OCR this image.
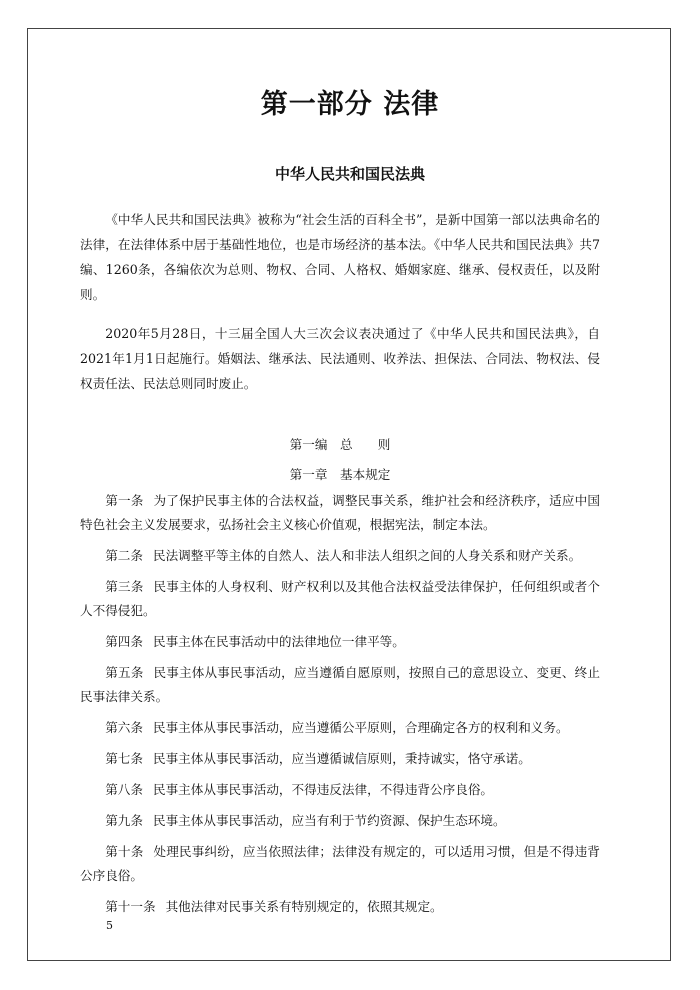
第一部分 法律
中华人民共和国民法典

《中华人民共和国民法典》被称为“社会生活的百科全书”，是新中国第一部以法典命名的法律，在法律体系中居于基础性地位，也是市场经济的基本法。《中华人民共和国民法典》共7编、1260条，各编依次为总则、物权、合同、人格权、婚姻家庭、继承、侵权责任，以及附则。

2020年5月28日，十三届全国人大三次会议表决通过了《中华人民共和国民法典》，自2021年1月1日起施行。婚姻法、继承法、民法通则、收养法、担保法、合同法、物权法、侵权责任法、民法总则同时废止。

第一编　总　　则
第一章　基本规定

第一条 为了保护民事主体的合法权益，调整民事关系，维护社会和经济秩序，适应中国特色社会主义发展要求，弘扬社会主义核心价值观，根据宪法，制定本法。

第二条 民法调整平等主体的自然人、法人和非法人组织之间的人身关系和财产关系。

第三条 民事主体的人身权利、财产权利以及其他合法权益受法律保护，任何组织或者个人不得侵犯。

第四条 民事主体在民事活动中的法律地位一律平等。

第五条 民事主体从事民事活动，应当遵循自愿原则，按照自己的意思设立、变更、终止民事法律关系。

第六条 民事主体从事民事活动，应当遵循公平原则，合理确定各方的权利和义务。

第七条 民事主体从事民事活动，应当遵循诚信原则，秉持诚实，恪守承诺。

第八条 民事主体从事民事活动，不得违反法律，不得违背公序良俗。

第九条 民事主体从事民事活动，应当有利于节约资源、保护生态环境。

第十条 处理民事纠纷，应当依照法律；法律没有规定的，可以适用习惯，但是不得违背公序良俗。

第十一条 其他法律对民事关系有特别规定的，依照其规定。

5
